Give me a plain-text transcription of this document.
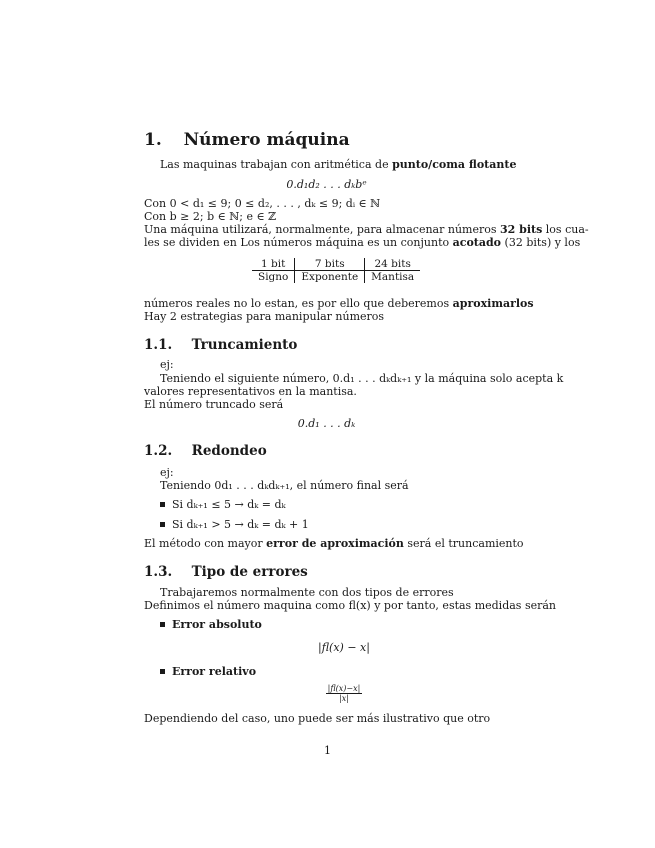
1. Número máquina
Las maquinas trabajan con aritmética de punto/coma flotante
0.d₁d₂ . . . dₖbᵉ
Con 0 < d₁ ≤ 9; 0 ≤ d₂, . . . , dₖ ≤ 9; dᵢ ∈ ℕ
Con b ≥ 2; b ∈ ℕ; e ∈ ℤ
Una máquina utilizará, normalmente, para almacenar números 32 bits los cua-
les se dividen en Los números máquina es un conjunto acotado (32 bits) y los
1 bit	7 bits	24 bits
Signo	Exponente	Mantisa
números reales no lo estan, es por ello que deberemos aproximarlos
Hay 2 estrategias para manipular números
1.1. Truncamiento
ej:
Teniendo el siguiente número, 0.d₁ . . . dₖdₖ₊₁ y la máquina solo acepta k
valores representativos en la mantisa.
El número truncado será
0.d₁ . . . dₖ
1.2. Redondeo
ej:
Teniendo 0d₁ . . . dₖdₖ₊₁, el número final será
Si dₖ₊₁ ≤ 5 → dₖ = dₖ
Si dₖ₊₁ > 5 → dₖ = dₖ + 1
El método con mayor error de aproximación será el truncamiento
1.3. Tipo de errores
Trabajaremos normalmente con dos tipos de errores
Definimos el número maquina como fl(x) y por tanto, estas medidas serán
Error absoluto
|fl(x) − x|
Error relativo
$\frac{|fl(x)-x|}{|x|}$
Dependiendo del caso, uno puede ser más ilustrativo que otro
1
